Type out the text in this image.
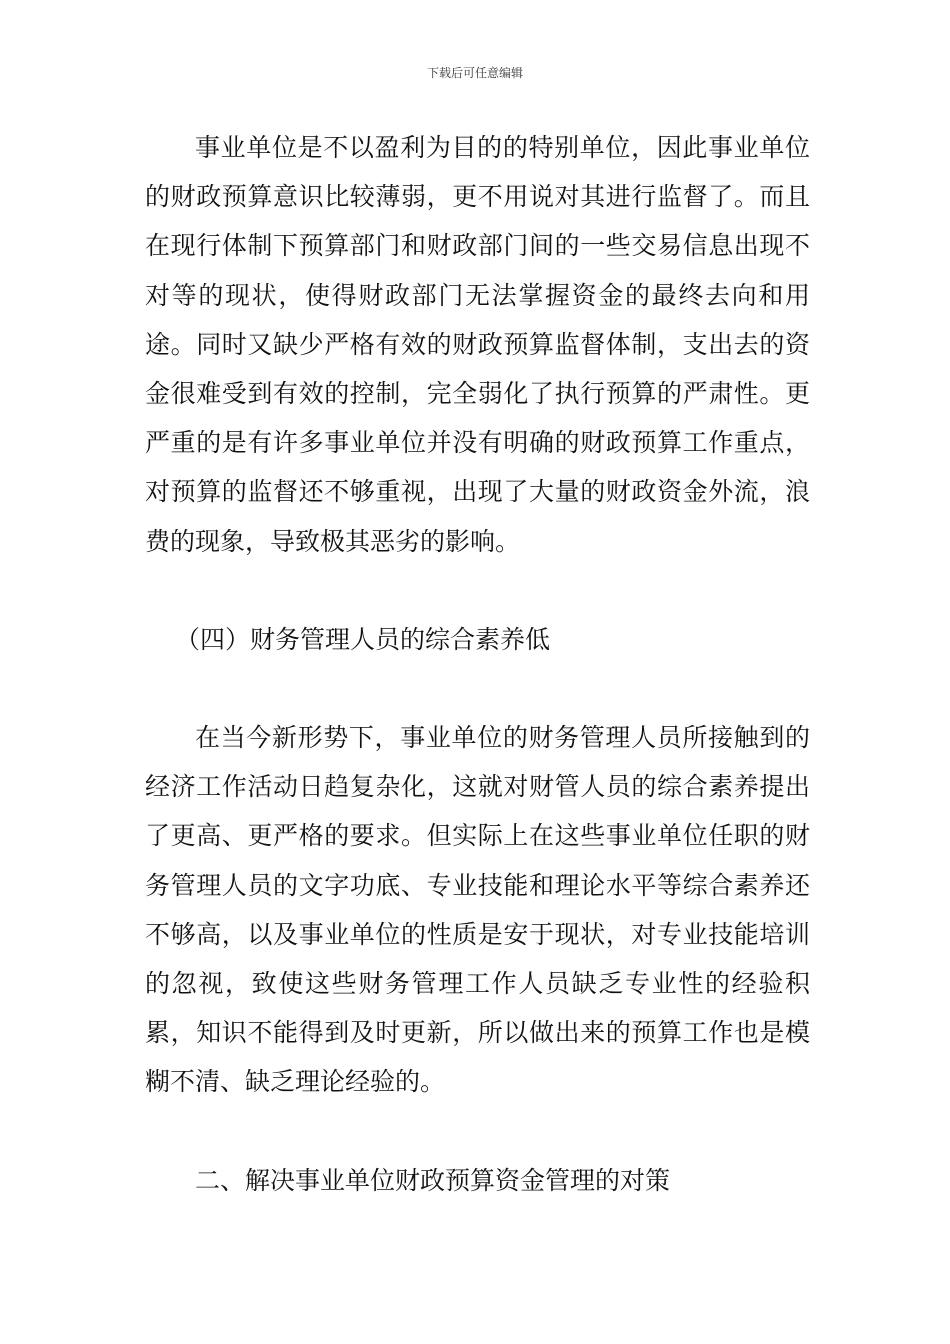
下载后可任意编辑

事业单位是不以盈利为目的的特别单位，因此事业单位的财政预算意识比较薄弱，更不用说对其进行监督了。而且在现行体制下预算部门和财政部门间的一些交易信息出现不对等的现状，使得财政部门无法掌握资金的最终去向和用途。同时又缺少严格有效的财政预算监督体制，支出去的资金很难受到有效的控制，完全弱化了执行预算的严肃性。更严重的是有许多事业单位并没有明确的财政预算工作重点，对预算的监督还不够重视，出现了大量的财政资金外流，浪费的现象，导致极其恶劣的影响。

（四）财务管理人员的综合素养低

在当今新形势下，事业单位的财务管理人员所接触到的经济工作活动日趋复杂化，这就对财管人员的综合素养提出了更高、更严格的要求。但实际上在这些事业单位任职的财务管理人员的文字功底、专业技能和理论水平等综合素养还不够高，以及事业单位的性质是安于现状，对专业技能培训的忽视，致使这些财务管理工作人员缺乏专业性的经验积累，知识不能得到及时更新，所以做出来的预算工作也是模糊不清、缺乏理论经验的。

二、解决事业单位财政预算资金管理的对策
